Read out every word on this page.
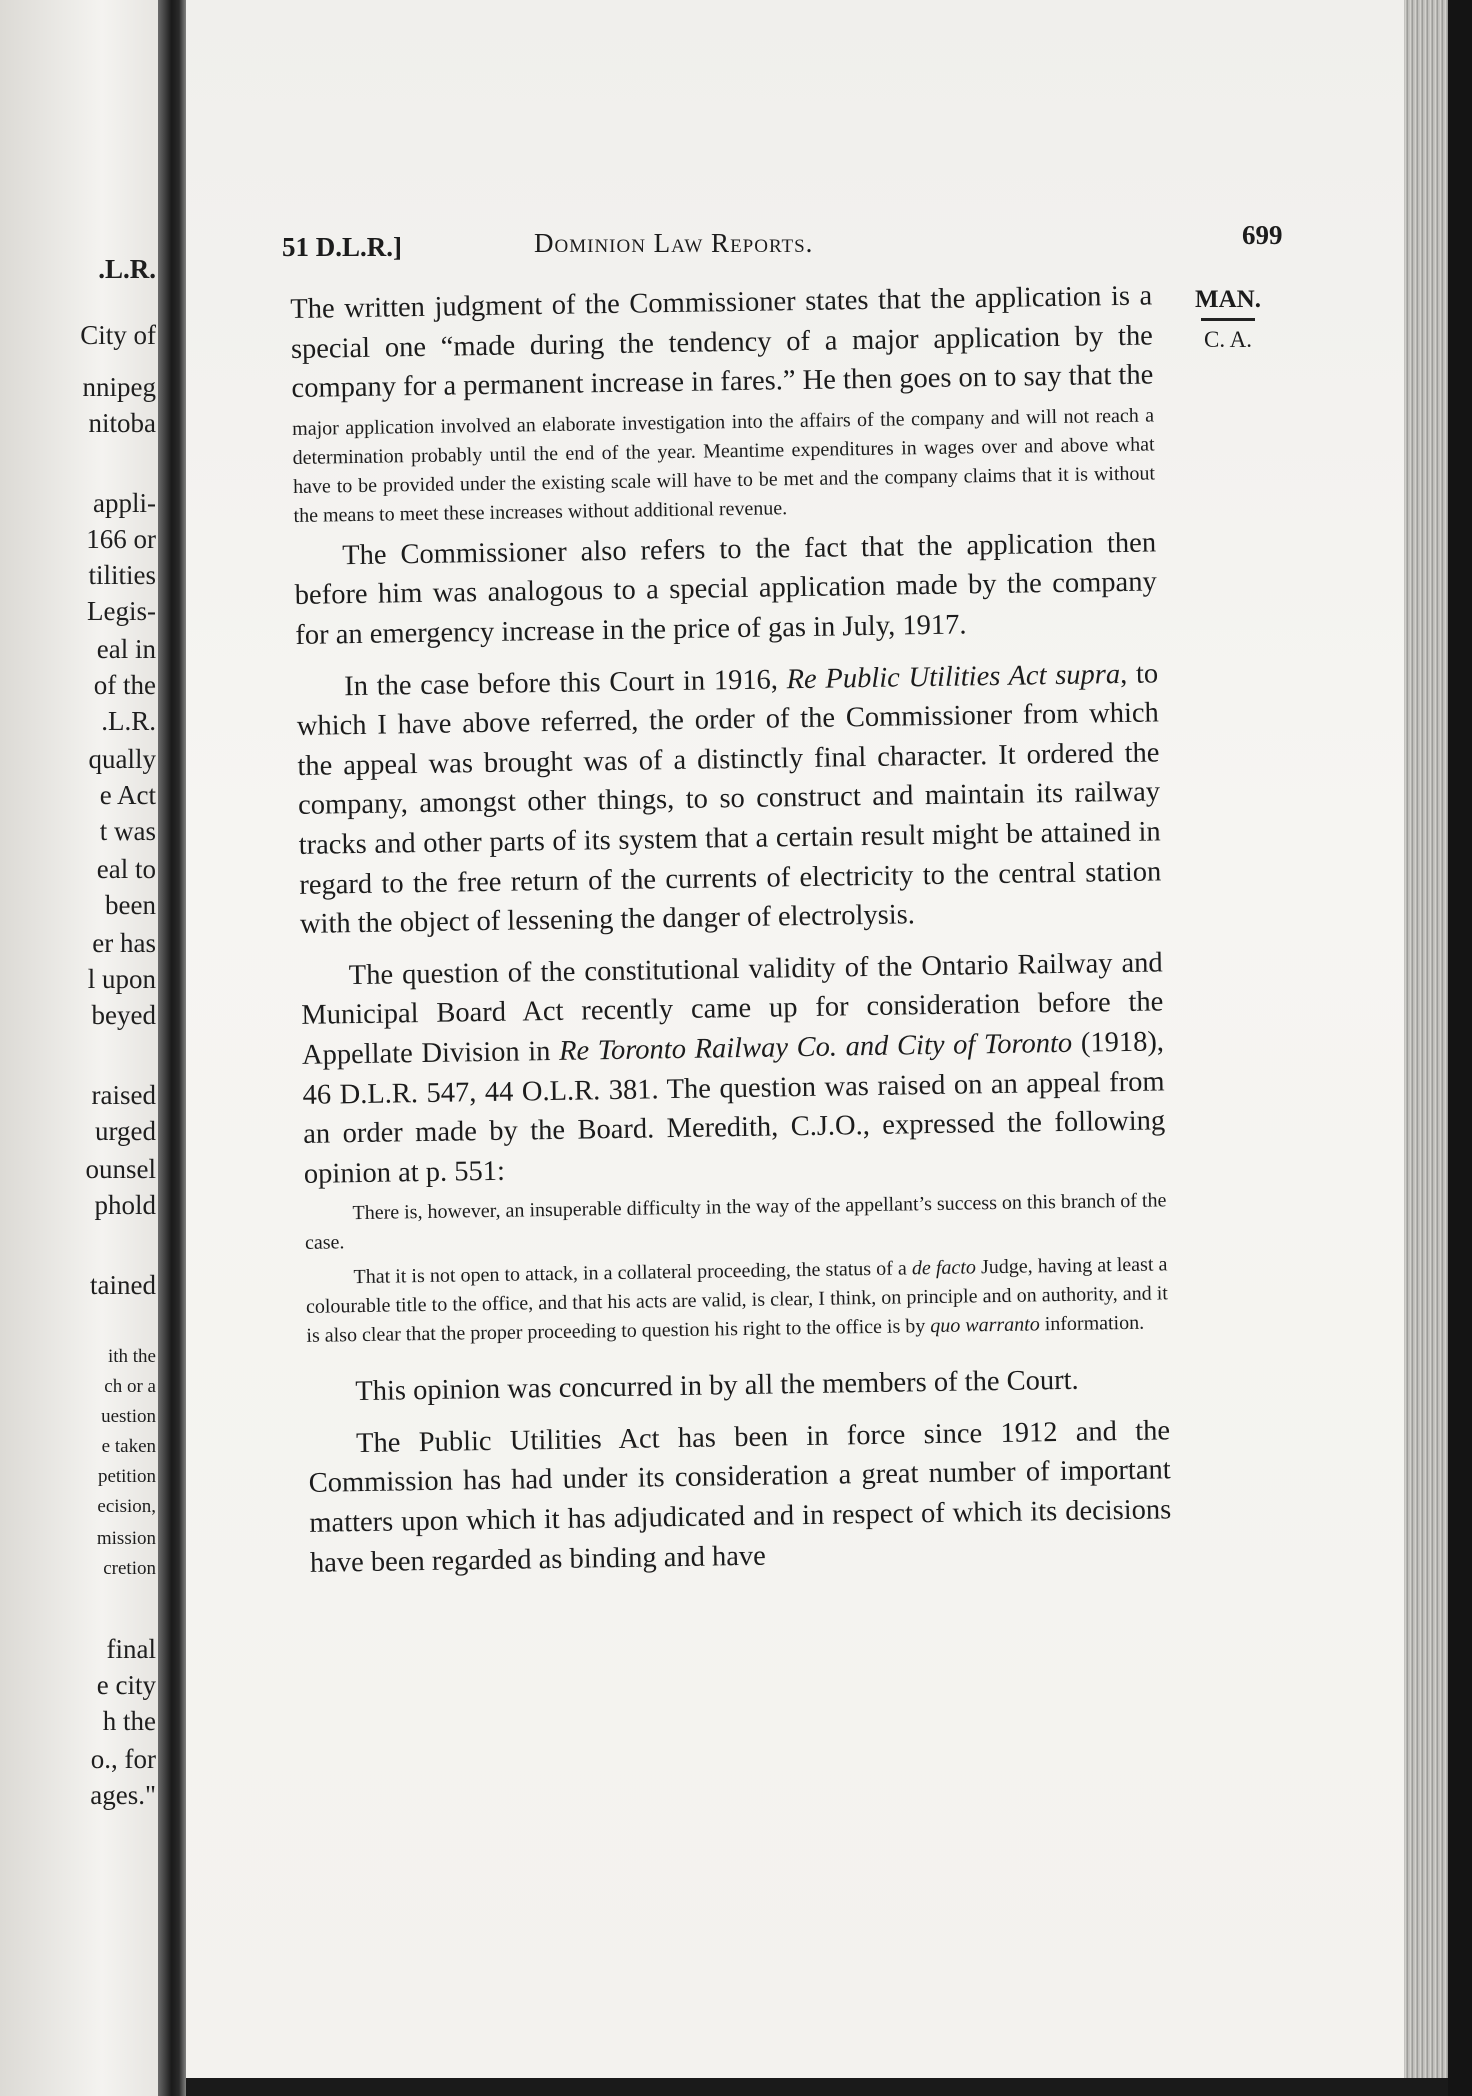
.L.R.
City of
nnipeg
nitoba
appli-
166 or
tilities
Legis-
eal in
of the
.L.R.
qually
e Act
t was
eal to
been
er has
l upon
beyed
raised
urged
ounsel
phold
tained
ith the
ch or a
uestion
e taken
petition
ecision,
mission
cretion
final
e city
h the
o., for
ages."
51 D.L.R.]	Dominion Law Reports.	699
MAN.
C. A.

The written judgment of the Commissioner states that the application is a special one “made during the tendency of a major application by the company for a permanent increase in fares.” He then goes on to say that the

major application involved an elaborate investigation into the affairs of the company and will not reach a determination probably until the end of the year. Meantime expenditures in wages over and above what have to be provided under the existing scale will have to be met and the company claims that it is without the means to meet these increases without additional revenue.

The Commissioner also refers to the fact that the application then before him was analogous to a special application made by the company for an emergency increase in the price of gas in July, 1917.

In the case before this Court in 1916, Re Public Utilities Act supra, to which I have above referred, the order of the Commissioner from which the appeal was brought was of a distinctly final character. It ordered the company, amongst other things, to so construct and maintain its railway tracks and other parts of its system that a certain result might be attained in regard to the free return of the currents of electricity to the central station with the object of lessening the danger of electrolysis.

The question of the constitutional validity of the Ontario Railway and Municipal Board Act recently came up for consideration before the Appellate Division in Re Toronto Railway Co. and City of Toronto (1918), 46 D.L.R. 547, 44 O.L.R. 381. The question was raised on an appeal from an order made by the Board. Meredith, C.J.O., expressed the following opinion at p. 551:

There is, however, an insuperable difficulty in the way of the appellant’s success on this branch of the case.

That it is not open to attack, in a collateral proceeding, the status of a de facto Judge, having at least a colourable title to the office, and that his acts are valid, is clear, I think, on principle and on authority, and it is also clear that the proper proceeding to question his right to the office is by quo warranto information.

This opinion was concurred in by all the members of the Court.

The Public Utilities Act has been in force since 1912 and the Commission has had under its consideration a great number of important matters upon which it has adjudicated and in respect of which its decisions have been regarded as binding and have
